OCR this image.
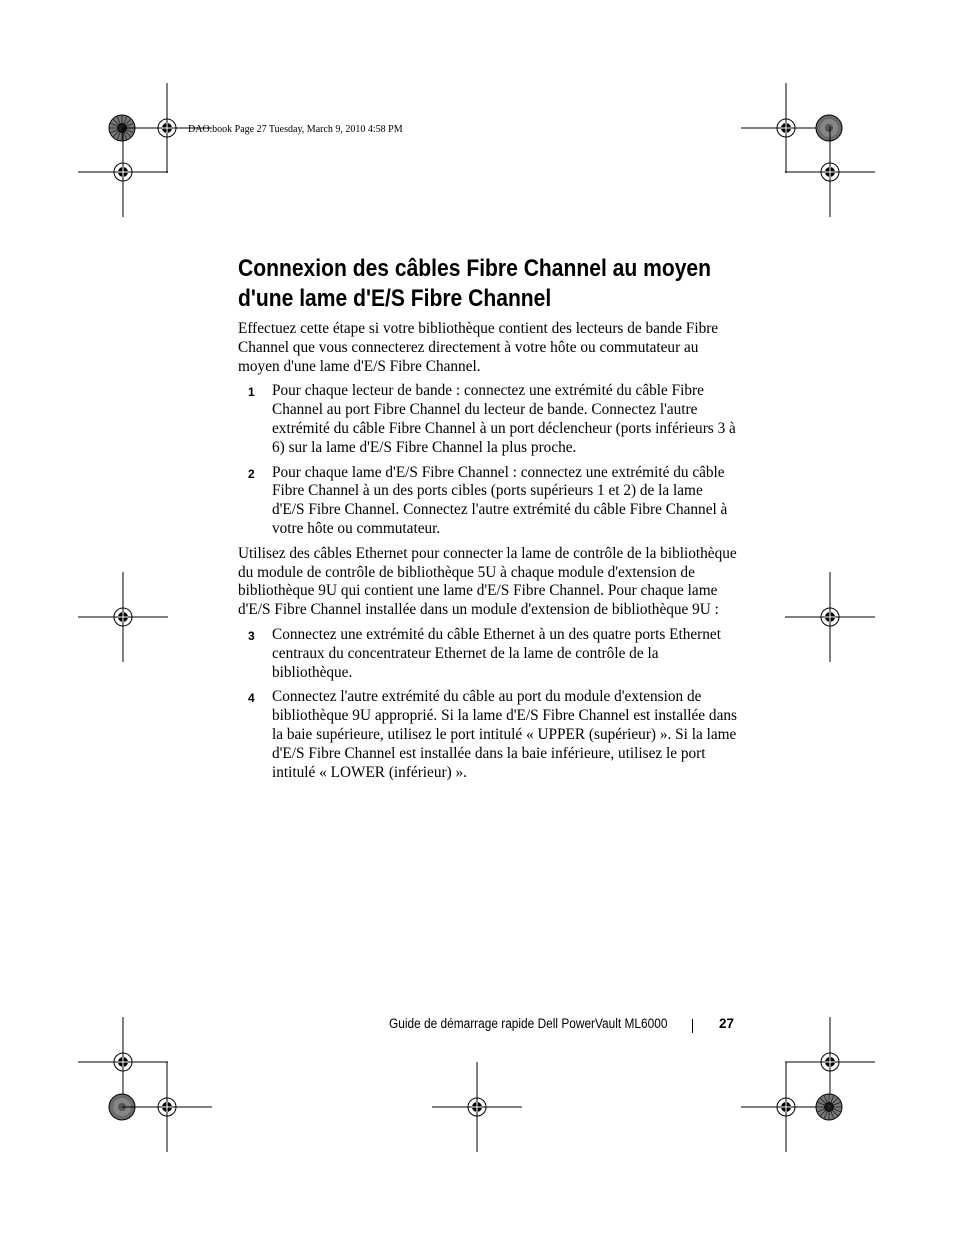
DAO.book Page 27 Tuesday, March 9, 2010 4:58 PM
Connexion des câbles Fibre Channel au moyen
d'une lame d'E/S Fibre Channel

Effectuez cette étape si votre bibliothèque contient des lecteurs de bande Fibre Channel que vous connecterez directement à votre hôte ou commutateur au moyen d'une lame d'E/S Fibre Channel.

1 Pour chaque lecteur de bande : connectez une extrémité du câble Fibre Channel au port Fibre Channel du lecteur de bande. Connectez l'autre extrémité du câble Fibre Channel à un port déclencheur (ports inférieurs 3 à 6) sur la lame d'E/S Fibre Channel la plus proche.
2 Pour chaque lame d'E/S Fibre Channel : connectez une extrémité du câble Fibre Channel à un des ports cibles (ports supérieurs 1 et 2) de la lame d'E/S Fibre Channel. Connectez l'autre extrémité du câble Fibre Channel à votre hôte ou commutateur.

Utilisez des câbles Ethernet pour connecter la lame de contrôle de la bibliothèque du module de contrôle de bibliothèque 5U à chaque module d'extension de bibliothèque 9U qui contient une lame d'E/S Fibre Channel. Pour chaque lame d'E/S Fibre Channel installée dans un module d'extension de bibliothèque 9U :

3 Connectez une extrémité du câble Ethernet à un des quatre ports Ethernet centraux du concentrateur Ethernet de la lame de contrôle de la bibliothèque.
4 Connectez l'autre extrémité du câble au port du module d'extension de bibliothèque 9U approprié. Si la lame d'E/S Fibre Channel est installée dans la baie supérieure, utilisez le port intitulé « UPPER (supérieur) ». Si la lame d'E/S Fibre Channel est installée dans la baie inférieure, utilisez le port intitulé « LOWER (inférieur) ».
Guide de démarrage rapide Dell PowerVault ML6000	27
